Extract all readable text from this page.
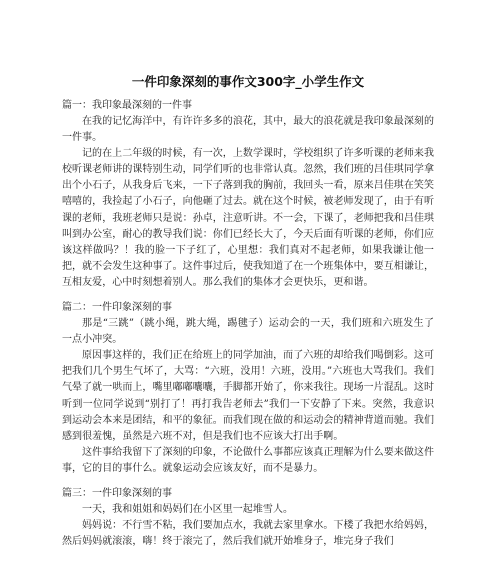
一件印象深刻的事作文300字_小学生作文

篇一：我印象最深刻的一件事

在我的记忆海洋中，有许许多多的浪花，其中，最大的浪花就是我印象最深刻的一件事。

记的在上二年级的时候，有一次，上数学课时，学校组织了许多听课的老师来我校听课老师讲的课特别生动，同学们听的也非常认真。忽然，我们班的吕佳琪同学拿出个小石子，从我身后飞来，一下子落到我的胸前，我回头一看，原来吕佳琪在笑笑嘻嘻的，我捡起了小石子，向他砸了过去。就在这个时候，被老师发现了，由于有听课的老师，我班老师只是说：孙卓，注意听讲。不一会，下课了，老师把我和吕佳琪叫到办公室，耐心的教导我们说：你们已经长大了，今天后面有听课的老师，你们应该这样做吗？！我的脸一下子红了，心里想：我们真对不起老师，如果我谦让他一把，就不会发生这种事了。这件事过后，使我知道了在一个班集体中，要互相谦让，互相友爱，心中时刻想着别人。那么我们的集体才会更快乐，更和谐。

篇二：一件印象深刻的事

那是“三跳”（跳小绳，跳大绳，踢毽子）运动会的一天，我们班和六班发生了一点小冲突。

原因事这样的，我们正在给班上的同学加油，而了六班的却给我们喝倒彩。这可把我们几个男生气坏了，大骂：“六班，没用！六班，没用。”六班也大骂我们。我们气晕了就一哄而上，嘴里嘟嘟囔囔，手脚都开始了，你来我往。现场一片混乱。这时听到一位同学说到“别打了！再打我告老师去”我们一下安静了下来。突然，我意识到运动会本来是团结，和平的象征。而我们现在做的和运动会的精神背道而驰。我们感到很羞愧，虽然是六班不对，但是我们也不应该大打出手啊。

这件事给我留下了深刻的印象，不论做什么事都应该真正理解为什么要来做这件事，它的目的事什么。就象运动会应该友好，而不是暴力。

篇三：一件印象深刻的事

一天，我和姐姐和妈妈们在小区里一起堆雪人。

妈妈说：不行雪不粘，我们要加点水，我就去家里拿水。下楼了我把水给妈妈，然后妈妈就滚滚，嗨！终于滚完了，然后我们就开始堆身子，堆完身子我们
